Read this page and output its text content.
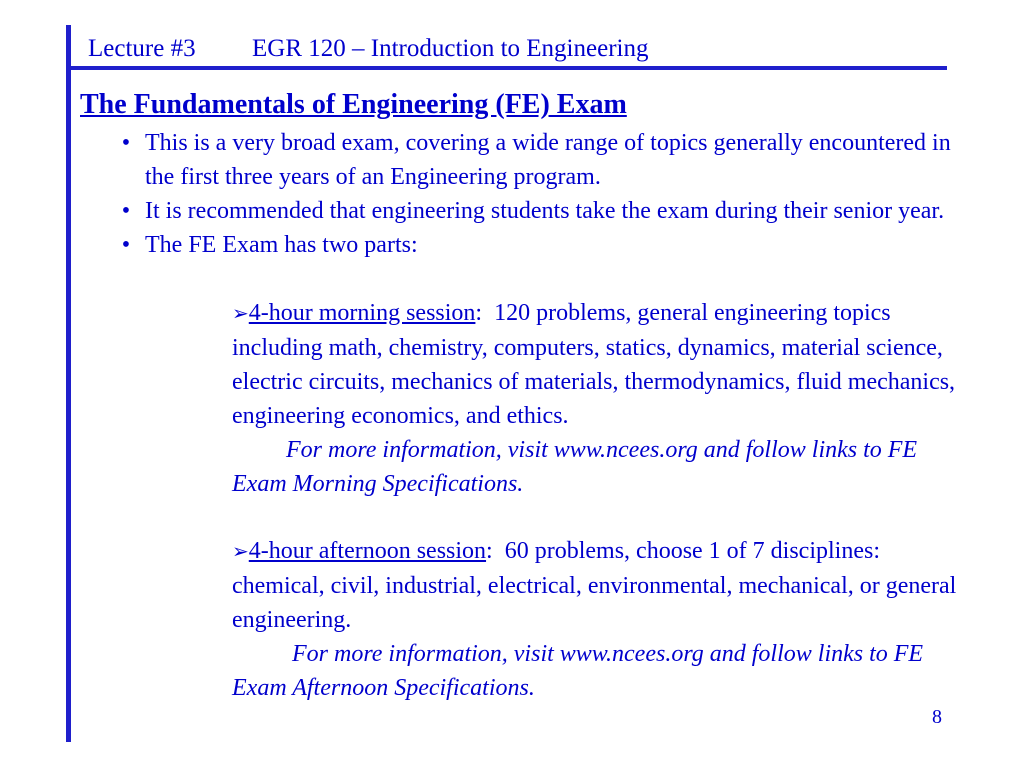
Lecture #3 EGR 120 – Introduction to Engineering
The Fundamentals of Engineering (FE) Exam
• This is a very broad exam, covering a wide range of topics generally encountered in the first three years of an Engineering program.
• It is recommended that engineering students take the exam during their senior year.
• The FE Exam has two parts:
➢4-hour morning session:  120 problems, general engineering topics including math, chemistry, computers, statics, dynamics, material science, electric circuits, mechanics of materials, thermodynamics, fluid mechanics, engineering economics, and ethics.
For more information, visit www.ncees.org and follow links to FE Exam Morning Specifications.
➢4-hour afternoon session:  60 problems, choose 1 of 7 disciplines: chemical, civil, industrial, electrical, environmental, mechanical, or general engineering.
For more information, visit www.ncees.org and follow links to FE Exam Afternoon Specifications.
8
